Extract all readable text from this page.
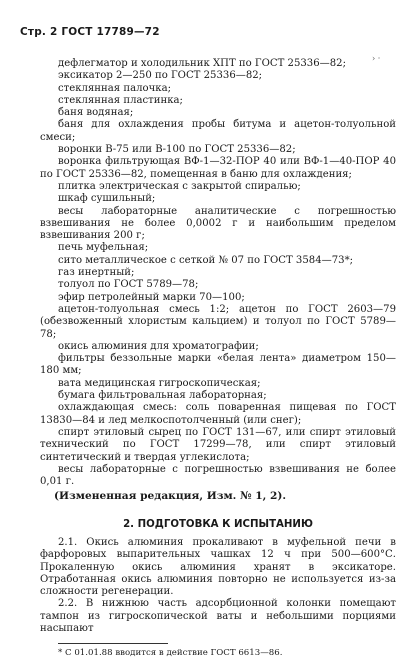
Стр. 2 ГОСТ 17789—72
› ·

дефлегматор и холодильник ХПТ по ГОСТ 25336—82;

эксикатор 2—250 по ГОСТ 25336—82;

стеклянная палочка;

стеклянная пластинка;

баня водяная;

баня для охлаждения пробы битума и ацетон-толуольной смеси;

воронки В-75 или В-100 по ГОСТ 25336—82;

воронка фильтрующая ВФ-1—32-ПОР 40 или ВФ-1—40-ПОР 40 по ГОСТ 25336—82, помещенная в баню для охлаждения;

плитка электрическая с закрытой спиралью;

шкаф сушильный;

весы лабораторные аналитические с погрешностью взвешивания не более 0,0002 г и наибольшим пределом взвешивания 200 г;

печь муфельная;

сито металлическое с сеткой № 07 по ГОСТ 3584—73*;

газ инертный;

толуол по ГОСТ 5789—78;

эфир петролейный марки 70—100;

ацетон-толуольная смесь 1:2; ацетон по ГОСТ 2603—79 (обезвоженный хлористым кальцием) и толуол по ГОСТ 5789—78;

окись алюминия для хроматографии;

фильтры беззольные марки «белая лента» диаметром 150—180 мм;

вата медицинская гигроскопическая;

бумага фильтровальная лабораторная;

охлаждающая смесь: соль поваренная пищевая по ГОСТ 13830—84 и лед мелкоспотолченный (или снег);

спирт этиловый сырец по ГОСТ 131—67, или спирт этиловый технический по ГОСТ 17299—78, или спирт этиловый синтетический и твердая углекислота;

весы лабораторные с погрешностью взвешивания не более 0,01 г.

(Измененная редакция, Изм. № 1, 2).

2. ПОДГОТОВКА К ИСПЫТАНИЮ

2.1. Окись алюминия прокаливают в муфельной печи в фарфоровых выпарительных чашках 12 ч при 500—600°С. Прокаленную окись алюминия хранят в эксикаторе. Отработанная окись алюминия повторно не используется из-за сложности регенерации.

2.2. В нижнюю часть адсорбционной колонки помещают тампон из гигроскопической ваты и небольшими порциями насыпают

* С 01.01.88 вводится в действие ГОСТ 6613—86.
